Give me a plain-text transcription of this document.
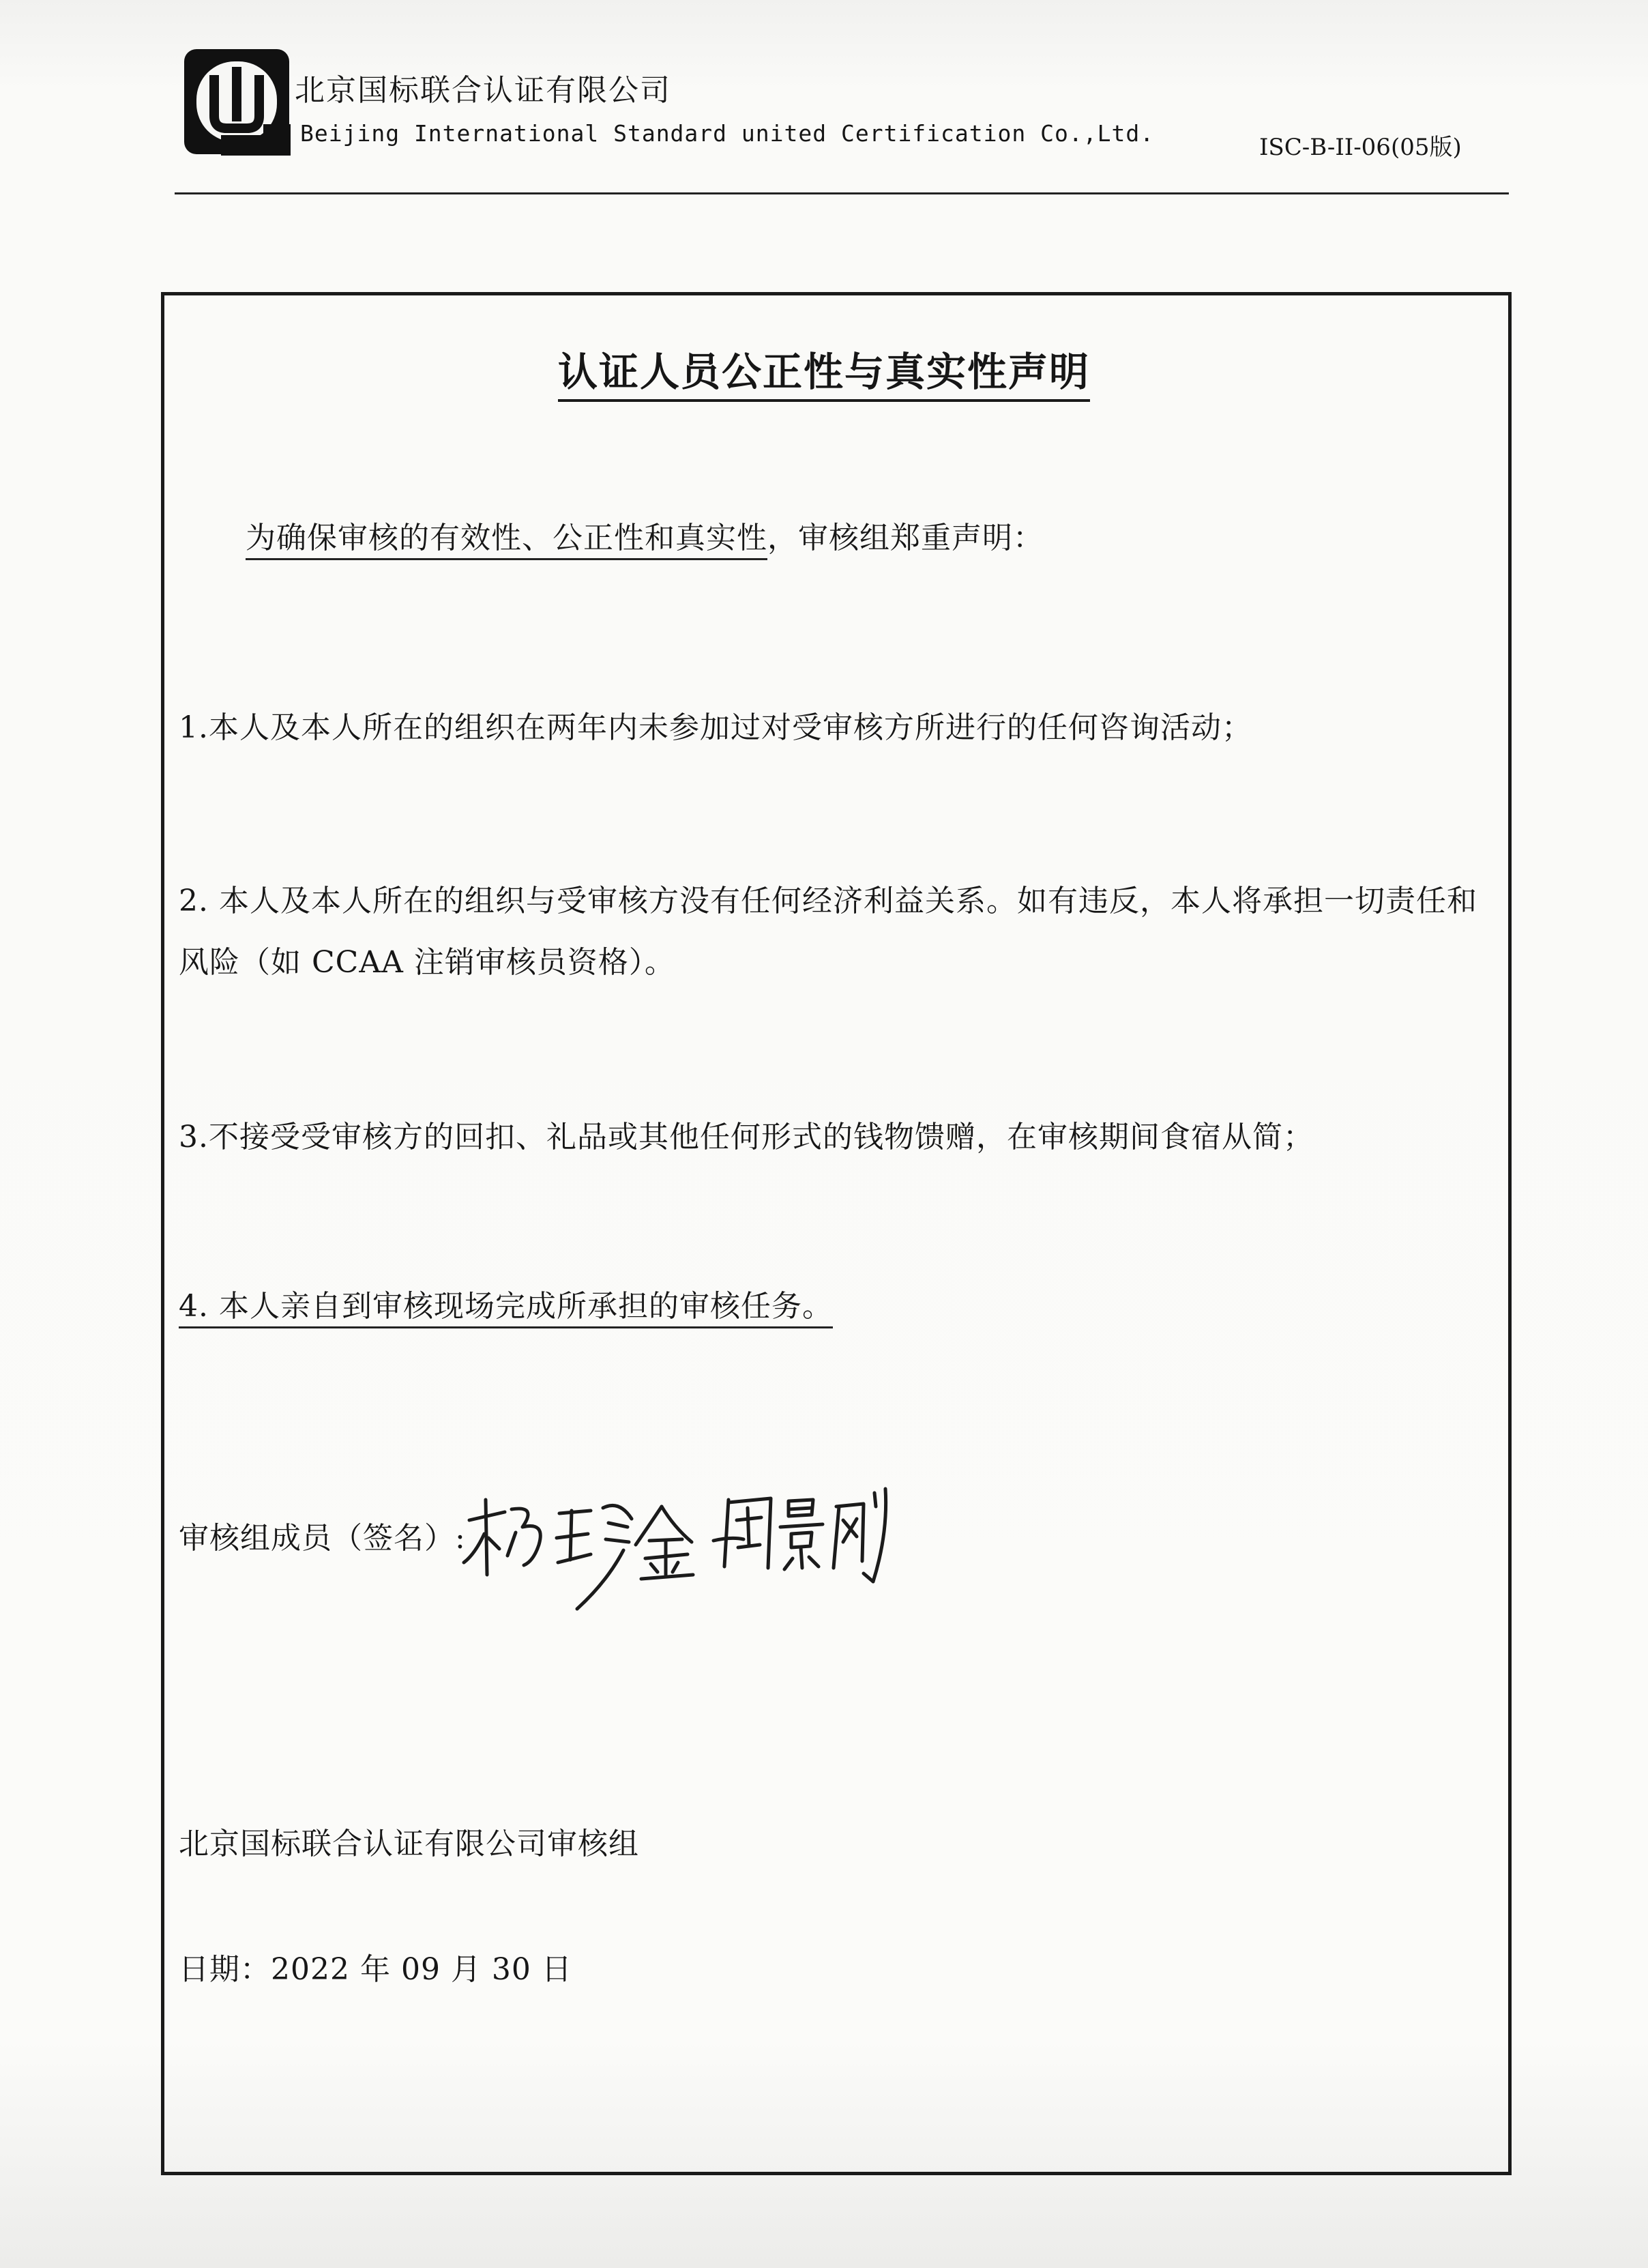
北京国标联合认证有限公司
Beijing International Standard united Certification Co.,Ltd.
ISC-B-II-06(05版)
认证人员公正性与真实性声明
为确保审核的有效性、公正性和真实性，审核组郑重声明：
1.本人及本人所在的组织在两年内未参加过对受审核方所进行的任何咨询活动；
2. 本人及本人所在的组织与受审核方没有任何经济利益关系。如有违反，本人将承担一切责任和
风险（如 CCAA 注销审核员资格）。
3.不接受受审核方的回扣、礼品或其他任何形式的钱物馈赠，在审核期间食宿从简；
4. 本人亲自到审核现场完成所承担的审核任务。
审核组成员（签名）:
北京国标联合认证有限公司审核组
日期：2022 年 09 月 30 日
